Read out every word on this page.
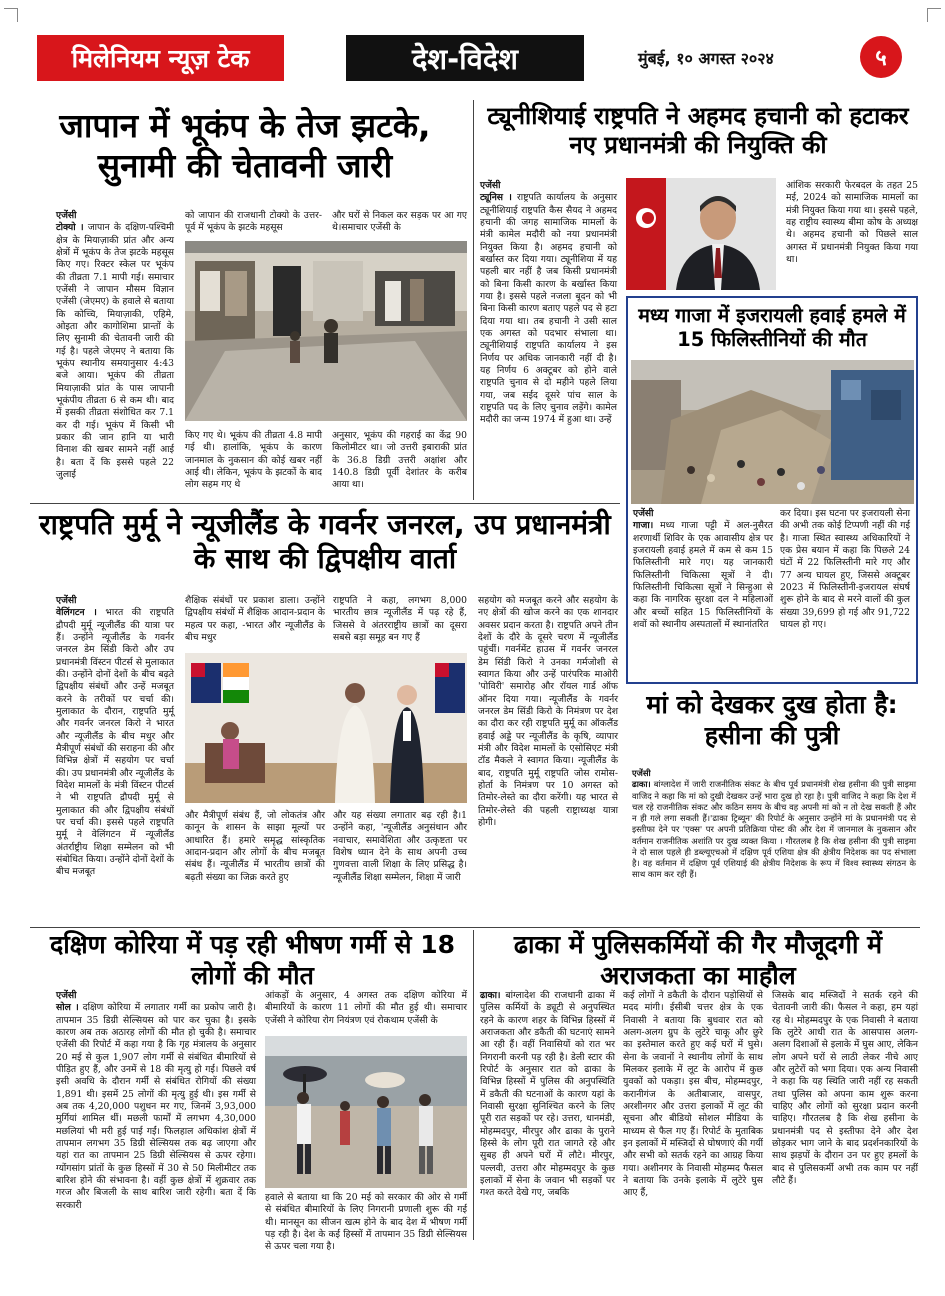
मिलेनियम न्यूज़ टेक	देश-विदेश	मुंबई, १० अगस्त २०२४	५
जापान में भूकंप के तेज झटके, सुनामी की चेतावनी जारी
एजेंसी
टोक्यो । जापान के दक्षिण-पश्चिमी क्षेत्र के मियाज़ाकी प्रांत और अन्य क्षेत्रों में भूकंप के तेज झटके महसूस किए गए। रिक्टर स्केल पर भूकंप की तीव्रता 7.1 मापी गई। समाचार एजेंसी ने जापान मौसम विज्ञान एजेंसी (जेएमए) के हवाले से बताया कि कोच्चि, मियाज़ाकी, एहिमे, ओइता और कागोशिमा प्रान्तों के लिए सुनामी की चेतावनी जारी की गई है। पहले जेएमए ने बताया कि भूकंप स्थानीय समयानुसार 4:43 बजे आया। भूकंप की तीव्रता मियाज़ाकी प्रांत के पास जापानी भूकंपीय तीव्रता 6 से कम थी। बाद में इसकी तीव्रता संशोधित कर 7.1 कर दी गई। भूकंप में किसी भी प्रकार की जान हानि या भारी विनाश की खबर सामने नहीं आई है। बता दें कि इससे पहले 22 जुलाई
को जापान की राजधानी टोक्यो के उत्तर-पूर्व में भूकंप के झटके महसूस
और घरों से निकल कर सड़क पर आ गए थे।समाचार एजेंसी के
किए गए थे। भूकंप की तीव्रता 4.8 मापी गई थी। हालांकि, भूकंप के कारण जानमाल के नुकसान की कोई खबर नहीं आई थी। लेकिन, भूकंप के झटकों के बाद लोग सहम गए थे
अनुसार, भूकंप की गहराई का केंद्र 90 किलोमीटर था। जो उत्तरी इबाराकी प्रांत के 36.8 डिग्री उत्तरी अक्षांश और 140.8 डिग्री पूर्वी देशांतर के करीब आया था।
ट्यूनीशियाई राष्ट्रपति ने अहमद हचानी को हटाकर नए प्रधानमंत्री की नियुक्ति की
एजेंसी
ट्यूनिस । राष्ट्रपति कार्यालय के अनुसार ट्यूनीशियाई राष्ट्रपति कैस सैयद ने अहमद हचानी की जगह सामाजिक मामलों के मंत्री कामेल मदौरी को नया प्रधानमंत्री नियुक्त किया है। अहमद हचानी को बर्खास्त कर दिया गया। ट्यूनीशिया में यह पहली बार नहीं है जब किसी प्रधानमंत्री को बिना किसी कारण के बर्खास्त किया गया है। इससे पहले नजला बूदन को भी बिना किसी कारण बताए पहले पद से हटा दिया गया था। तब हचानी ने उसी साल एक अगस्त को पदभार संभाला था। ट्यूनीशियाई राष्ट्रपति कार्यालय ने इस निर्णय पर अधिक जानकारी नहीं दी है। यह निर्णय 6 अक्टूबर को होने वाले राष्ट्रपति चुनाव से दो महीने पहले लिया गया, जब सईद दूसरे पांच साल के राष्ट्रपति पद के लिए चुनाव लड़ेंगे। कामेल मदौरी का जन्म 1974 में हुआ था। उन्हें
आंशिक सरकारी फेरबदल के तहत 25 मई, 2024 को सामाजिक मामलों का मंत्री नियुक्त किया गया था। इससे पहले, वह राष्ट्रीय स्वास्थ्य बीमा कोष के अध्यक्ष थे। अहमद हचानी को पिछले साल अगस्त में प्रधानमंत्री नियुक्त किया गया था।
मध्य गाजा में इजरायली हवाई हमले में 15 फिलिस्तीनियों की मौत
एजेंसी
गाजा। मध्य गाजा पट्टी में अल-नुसैरत शरणार्थी शिविर के एक आवासीय क्षेत्र पर इजरायली हवाई हमले में कम से कम 15 फिलिस्तीनी मारे गए। यह जानकारी फिलिस्तीनी चिकित्सा सूत्रों ने दी। फिलिस्तीनी चिकित्सा सूत्रों ने सिन्हुआ से कहा कि नागरिक सुरक्षा दल ने महिलाओं और बच्चों सहित 15 फिलिस्तीनियों के शवों को स्थानीय अस्पतालों में स्थानांतरित
कर दिया। इस घटना पर इजरायली सेना की अभी तक कोई टिप्पणी नहीं की गई है। गाजा स्थित स्वास्थ्य अधिकारियों ने एक प्रेस बयान में कहा कि पिछले 24 घंटों में 22 फिलिस्तीनी मारे गए और 77 अन्य घायल हुए, जिससे अक्टूबर 2023 में फिलिस्तीनी-इजरायल संघर्ष शुरू होने के बाद से मरने वालों की कुल संख्या 39,699 हो गई और 91,722 घायल हो गए।
राष्ट्रपति मुर्मू ने न्यूजीलैंड के गवर्नर जनरल, उप प्रधानमंत्री के साथ की द्विपक्षीय वार्ता
एजेंसी
वेलिंगटन । भारत की राष्ट्रपति द्रौपदी मुर्मू न्यूजीलैंड की यात्रा पर हैं। उन्होंने न्यूजीलैंड के गवर्नर जनरल डेम सिंडी किरो और उप प्रधानमंत्री विंस्टन पीटर्स से मुलाकात की। उन्होंने दोनों देशों के बीच बढ़ते द्विपक्षीय संबंधों और उन्हें मजबूत करने के तरीकों पर चर्चा की। मुलाकात के दौरान, राष्ट्रपति मुर्मू और गवर्नर जनरल किरो ने भारत और न्यूजीलैंड के बीच मधुर और मैत्रीपूर्ण संबंधों की सराहना की और विभिन्न क्षेत्रों में सहयोग पर चर्चा की। उप प्रधानमंत्री और न्यूजीलैंड के विदेश मामलों के मंत्री विंस्टन पीटर्स ने भी राष्ट्रपति द्रौपदी मुर्मू से मुलाकात की और द्विपक्षीय संबंधों पर चर्चा की। इससे पहले राष्ट्रपति मुर्मू ने वेलिंगटन में न्यूजीलैंड अंतर्राष्ट्रीय शिक्षा सम्मेलन को भी संबोधित किया। उन्होंने दोनों देशों के बीच मजबूत
शैक्षिक संबंधों पर प्रकाश डाला। उन्होंने द्विपक्षीय संबंधों में शैक्षिक आदान-प्रदान के महत्व पर कहा, -भारत और न्यूजीलैंड के बीच मधुर
राष्ट्रपति ने कहा, लगभग 8,000 भारतीय छात्र न्यूजीलैंड में पढ़ रहे हैं, जिससे वे अंतरराष्ट्रीय छात्रों का दूसरा सबसे बड़ा समूह बन गए हैं
और मैत्रीपूर्ण संबंध हैं, जो लोकतंत्र और कानून के शासन के साझा मूल्यों पर आधारित हैं। हमारे समृद्ध सांस्कृतिक आदान-प्रदान और लोगों के बीच मजबूत संबंध हैं। न्यूजीलैंड में भारतीय छात्रों की बढ़ती संख्या का जिक्र करते हुए
और यह संख्या लगातार बढ़ रही है।1 उन्होंने कहा, 'न्यूजीलैंड अनुसंधान और नवाचार, समावेशिता और उत्कृष्टता पर विशेष ध्यान देने के साथ अपनी उच्च गुणवत्ता वाली शिक्षा के लिए प्रसिद्ध है। न्यूजीलैंड शिक्षा सम्मेलन, शिक्षा में जारी
सहयोग को मजबूत करने और सहयोग के नए क्षेत्रों की खोज करने का एक शानदार अवसर प्रदान करता है। राष्ट्रपति अपने तीन देशों के दौरे के दूसरे चरण में न्यूजीलैंड पहुंचीं। गवर्नमेंट हाउस में गवर्नर जनरल डेम सिंडी किरो ने उनका गर्मजोशी से स्वागत किया और उन्हें पारंपरिक माओरी 'पोविरी' समारोह और रॉयल गार्ड ऑफ ऑनर दिया गया। न्यूजीलैंड के गवर्नर जनरल डेम सिंडी किरो के निमंत्रण पर देश का दौरा कर रही राष्ट्रपति मुर्मू का ऑकलैंड हवाई अड्डे पर न्यूजीलैंड के कृषि, व्यापार मंत्री और विदेश मामलों के एसोसिएट मंत्री टॉड मैकले ने स्वागत किया। न्यूजीलैंड के बाद, राष्ट्रपति मुर्मू राष्ट्रपति जोस रामोस-होर्ता के निमंत्रण पर 10 अगस्त को तिमोर-लेस्ते का दौरा करेंगी। यह भारत से तिमोर-लेस्ते की पहली राष्ट्राध्यक्ष यात्रा होगी।
मां को देखकर दुख होता है: हसीना की पुत्री
एजेंसी
ढाका। बांग्लादेश में जारी राजनीतिक संकट के बीच पूर्व प्रधानमंत्री शेख हसीना की पुत्री साइमा वाजिद ने कहा कि मां को दुखी देखकर उन्हें भारा दुख हो रहा है। पुत्री वाजिद ने कहा कि देश में चल रहे राजनीतिक संकट और कठिन समय के बीच वह अपनी मां को न तो देख सकती हैं और न ही गले लगा सकती हैं।'ढाका ट्रिब्यून' की रिपोर्ट के अनुसार उन्होंने मां के प्रधानमंत्री पद से इस्तीफा देने पर 'एक्स' पर अपनी प्रतिक्रिया पोस्ट की और देश में जानमाल के नुकसान और वर्तमान राजनीतिक अशांति पर दुख व्यक्त किया । गौरतलब है कि शेख हसीना की पुत्री साइमा ने दो साल पहले ही डब्ल्यूएचओ में दक्षिण पूर्व एशिया क्षेत्र की क्षेत्रीय निदेशक का पद संभाला है। वह वर्तमान में दक्षिण पूर्व एशियाई की क्षेत्रीय निदेशक के रूप में विश्व स्वास्थ्य संगठन के साथ काम कर रही हैं।
दक्षिण कोरिया में पड़ रही भीषण गर्मी से 18 लोगों की मौत
एजेंसी
सोल । दक्षिण कोरिया में लगातार गर्मी का प्रकोप जारी है। तापमान 35 डिग्री सेल्सियस को पार कर चुका है। इसके कारण अब तक अठारह लोगों की मौत हो चुकी है। समाचार एजेंसी की रिपोर्ट में कहा गया है कि गृह मंत्रालय के अनुसार 20 मई से कुल 1,907 लोग गर्मी से संबंधित बीमारियों से पीड़ित हुए हैं, और उनमें से 18 की मृत्यु हो गई। पिछले वर्ष इसी अवधि के दौरान गर्मी से संबंधित रोगियों की संख्या 1,891 थी। इसमें 25 लोगों की मृत्यु हुई थी। इस गर्मी से अब तक 4,20,000 पशुधन मर गए, जिनमें 3,93,000 मुर्गियां शामिल थीं। मछली फार्मों में लगभग 4,30,000 मछलियां भी मरी हुई पाई गईं। फिलहाल अधिकांश क्षेत्रों में तापमान लगभग 35 डिग्री सेल्सियस तक बढ़ जाएगा और यहां रात का तापमान 25 डिग्री सेल्सियस से ऊपर रहेगा। ग्योंगसांग प्रांतों के कुछ हिस्सों में 30 से 50 मिलीमीटर तक बारिश होने की संभावना है। वहीं कुछ क्षेत्रों में शुक्रवार तक गरज और बिजली के साथ बारिश जारी रहेगी। बता दें कि सरकारी
आंकड़ों के अनुसार, 4 अगस्त तक दक्षिण कोरिया में बीमारियों के कारण 11 लोगों की मौत हुई थी। समाचार एजेंसी ने कोरिया रोग नियंत्रण एवं रोकथाम एजेंसी के
हवाले से बताया था कि 20 मई को सरकार की ओर से गर्मी से संबंधित बीमारियों के लिए निगरानी प्रणाली शुरू की गई थी। मानसून का सीजन खत्म होने के बाद देश में भीषण गर्मी पड़ रही है। देश के कई हिस्सों में तापमान 35 डिग्री सेल्सियस से ऊपर चला गया है।
ढाका में पुलिसकर्मियों की गैर मौजूदगी में अराजकता का माहौल
ढाका। बांग्लादेश की राजधानी ढाका में पुलिस कर्मियों के ड्यूटी से अनुपस्थित रहने के कारण शहर के विभिन्न हिस्सों में अराजकता और डकैती की घटनाएं सामने आ रही हैं। वहीं निवासियों को रात भर निगरानी करनी पड़ रही है। डेली स्टार की रिपोर्ट के अनुसार रात को ढाका के विभिन्न हिस्सों में पुलिस की अनुपस्थिति में डकैती की घटनाओं के कारण यहां के निवासी सुरक्षा सुनिश्चित करने के लिए पूरी रात सड़कों पर रहे। उत्तरा, धानमंडी, मोहम्मदपुर, मीरपुर और ढाका के पुराने हिस्से के लोग पूरी रात जागते रहे और सुबह ही अपने घरों में लौटे। मीरपुर, पल्लवी, उत्तरा और मोहम्मदपुर के कुछ इलाकों में सेना के जवान भी सड़कों पर गश्त करते देखे गए, जबकि
कई लोगों ने डकैती के दौरान पड़ोसियों से मदद मांगी। ईसीबी चत्तर क्षेत्र के एक निवासी ने बताया कि बुधवार रात को अलग-अलग ग्रुप के लुटेरे चाकू और छुरे का इस्तेमाल करते हुए कई घरों में घुसे। सेना के जवानों ने स्थानीय लोगों के साथ मिलकर इलाके में लूट के आरोप में कुछ युवकों को पकड़ा। इस बीच, मोहम्मदपुर, करानीगंज के अतीबाजार, वासपुर, अरशीनगर और उत्तरा इलाकों में लूट की सूचना और बीडियो सोशल मीडिया के माध्यम से फैल गए हैं। रिपोर्ट के मुताबिक इन इलाकों में मस्जिदों से घोषणाएं की गयीं और सभी को सतर्क रहने का आग्रह किया गया। अशीनगर के निवासी मोहम्मद फैसल ने बताया कि उनके इलाके में लुटेरे घुस आए हैं,
जिसके बाद मस्जिदों ने सतर्क रहने की चेतावनी जारी की। फैसल ने कहा, हम यहां रह थे। मोहम्मदपुर के एक निवासी ने बताया कि लुटेरे आधी रात के आसपास अलग-अलग दिशाओं से इलाके में घुस आए, लेकिन लोग अपने घरों से लाठी लेकर नीचे आए और लुटेरों को भगा दिया। एक अन्य निवासी ने कहा कि यह स्थिति जारी नहीं रह सकती तथा पुलिस को अपना काम शुरू करना चाहिए और लोगों को सुरक्षा प्रदान करनी चाहिए। गौरतलब है कि शेख हसीना के प्रधानमंत्री पद से इस्तीफा देने और देश छोड़कर भाग जाने के बाद प्रदर्शनकारियों के साथ झड़पों के दौरान उन पर हुए हमलों के बाद से पुलिसकर्मी अभी तक काम पर नहीं लौटे हैं।
